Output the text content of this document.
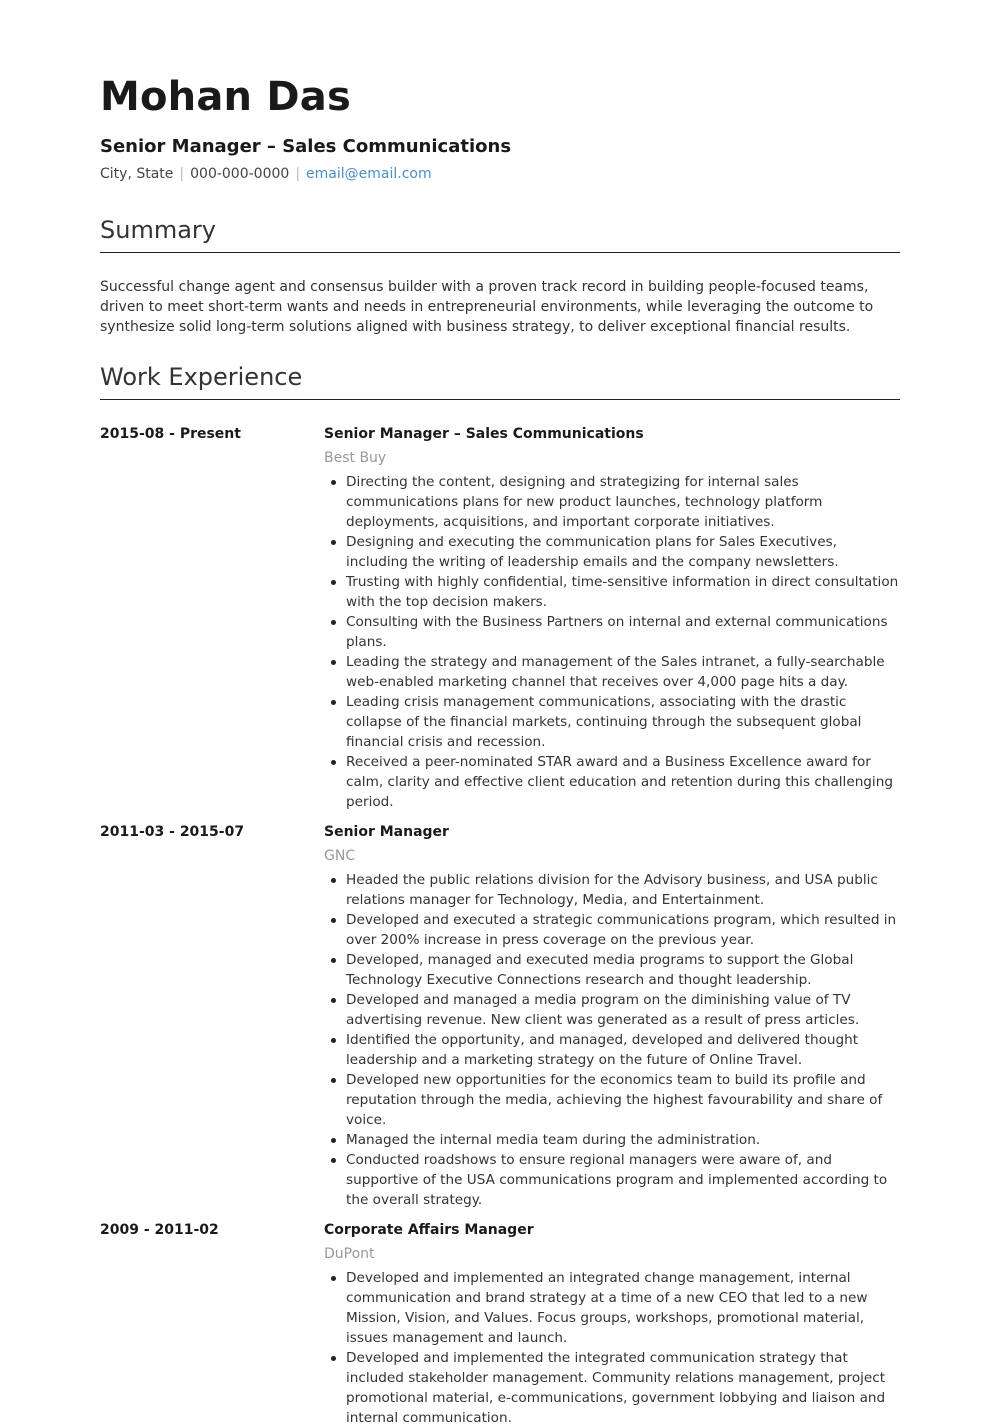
Mohan Das
Senior Manager – Sales Communications
City, State | 000-000-0000 | email@email.com
Summary

Successful change agent and consensus builder with a proven track record in building people-focused teams, driven to meet short-term wants and needs in entrepreneurial environments, while leveraging the outcome to synthesize solid long-term solutions aligned with business strategy, to deliver exceptional financial results.

Work Experience
2015-08 - Present	Senior Manager – Sales Communications
Best Buy
Directing the content, designing and strategizing for internal sales communications plans for new product launches, technology platform deployments, acquisitions, and important corporate initiatives.
Designing and executing the communication plans for Sales Executives, including the writing of leadership emails and the company newsletters.
Trusting with highly confidential, time-sensitive information in direct consultation with the top decision makers.
Consulting with the Business Partners on internal and external communications plans.
Leading the strategy and management of the Sales intranet, a fully-searchable web-enabled marketing channel that receives over 4,000 page hits a day.
Leading crisis management communications, associating with the drastic collapse of the financial markets, continuing through the subsequent global financial crisis and recession.
Received a peer-nominated STAR award and a Business Excellence award for calm, clarity and effective client education and retention during this challenging period.
2011-03 - 2015-07	Senior Manager
GNC
Headed the public relations division for the Advisory business, and USA public relations manager for Technology, Media, and Entertainment.
Developed and executed a strategic communications program, which resulted in over 200% increase in press coverage on the previous year.
Developed, managed and executed media programs to support the Global Technology Executive Connections research and thought leadership.
Developed and managed a media program on the diminishing value of TV advertising revenue. New client was generated as a result of press articles.
Identified the opportunity, and managed, developed and delivered thought leadership and a marketing strategy on the future of Online Travel.
Developed new opportunities for the economics team to build its profile and reputation through the media, achieving the highest favourability and share of voice.
Managed the internal media team during the administration.
Conducted roadshows to ensure regional managers were aware of, and supportive of the USA communications program and implemented according to the overall strategy.
2009 - 2011-02	Corporate Affairs Manager
DuPont
Developed and implemented an integrated change management, internal communication and brand strategy at a time of a new CEO that led to a new Mission, Vision, and Values. Focus groups, workshops, promotional material, issues management and launch.
Developed and implemented the integrated communication strategy that included stakeholder management. Community relations management, project promotional material, e-communications, government lobbying and liaison and internal communication.
